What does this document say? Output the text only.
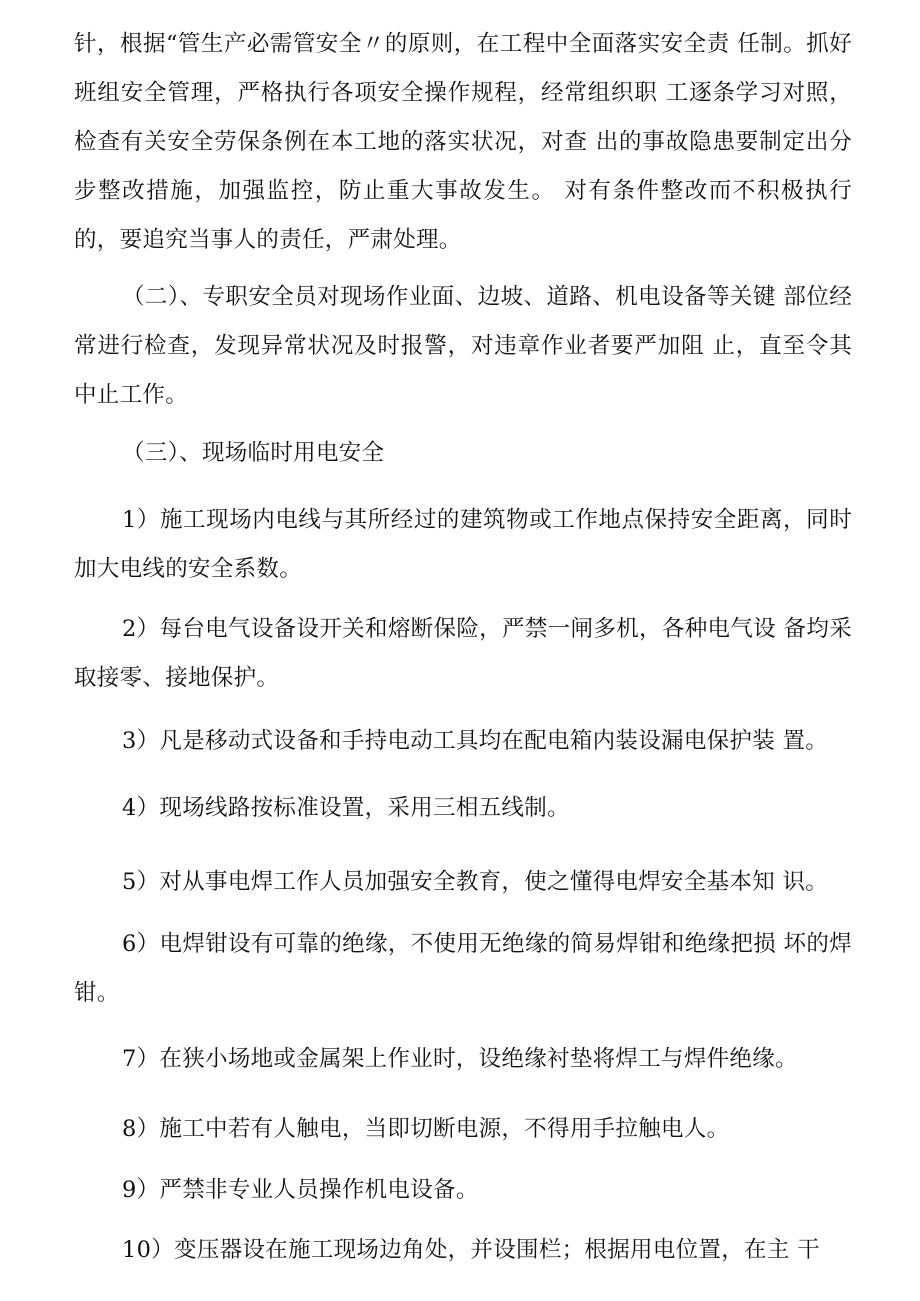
针，根据“管生产必需管安全〃的原则，在工程中全面落实安全责 任制。抓好班组安全管理，严格执行各项安全操作规程，经常组织职 工逐条学习对照，检查有关安全劳保条例在本工地的落实状况，对查 出的事故隐患要制定出分步整改措施，加强监控，防止重大事故发生。 对有条件整改而不积极执行的，要追究当事人的责任，严肃处理。

（二）、专职安全员对现场作业面、边坡、道路、机电设备等关键 部位经常进行检查，发现异常状况及时报警，对违章作业者要严加阻 止，直至令其中止工作。

（三）、现场临时用电安全

1）施工现场内电线与其所经过的建筑物或工作地点保持安全距离，同时加大电线的安全系数。

2）每台电气设备设开关和熔断保险，严禁一闸多机，各种电气设 备均采取接零、接地保护。

3）凡是移动式设备和手持电动工具均在配电箱内装设漏电保护装 置。

4）现场线路按标准设置，采用三相五线制。

5）对从事电焊工作人员加强安全教育，使之懂得电焊安全基本知 识。

6）电焊钳设有可靠的绝缘，不使用无绝缘的简易焊钳和绝缘把损 坏的焊钳。

7）在狭小场地或金属架上作业时，设绝缘衬垫将焊工与焊件绝缘。

8）施工中若有人触电，当即切断电源，不得用手拉触电人。

9）严禁非专业人员操作机电设备。

10）变压器设在施工现场边角处，并设围栏；根据用电位置，在主 干
